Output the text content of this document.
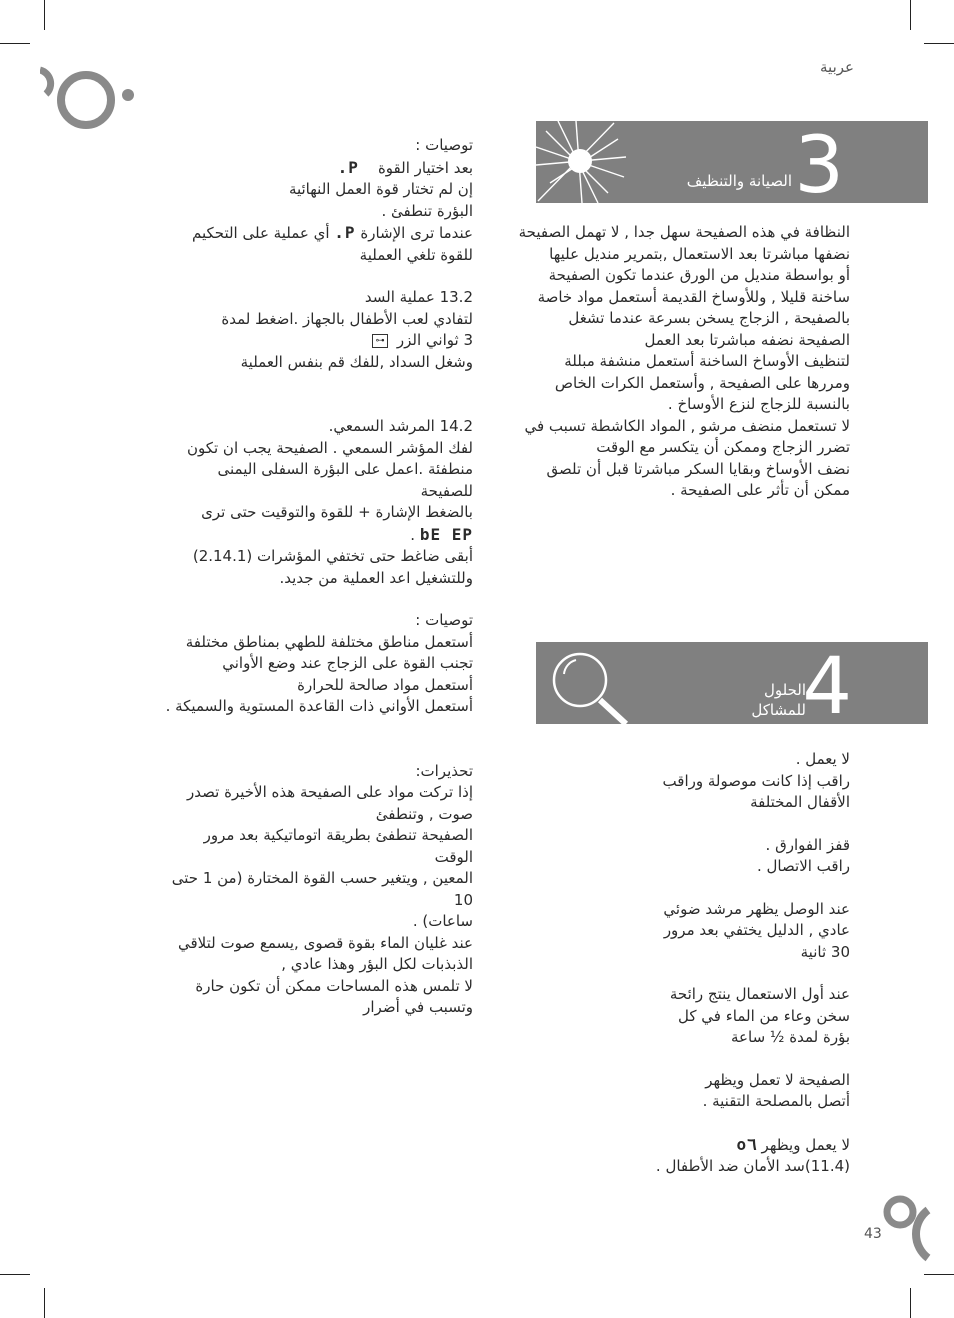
عربية
الصيانة والتنظيف 3

النظافة في هذه الصفيحة سهل جدا , لا تهمل الصفيحة

نضفها مباشرتا بعد الاستعمال ,بتمرير منديل عليها

أو بواسطة منديل من الورق عندما تكون الصفيحة

ساخنة قليلا , وللأوساخ القديمة أستعمل مواد خاصة

بالصفيحة , الزجاج يسخن بسرعة عندما تشغل

الصفيحة نضفه مباشرتا بعد العمل

لتنظيف الأوساخ الساخنة أستعمل منشفة مبللة

ومررها على الصفيحة , وأستعمل الكرات الخاص

بالنسبة للزجاج لنزع الأوساخ .

لا تستعمل منضف مرشو , المواد الكاشطة تسبب في

تضرر الزجاج وممكن أن يتكسر مع الوقت

نضف الأوساخ وبقايا السكر مباشرتا قبل أن تلصق

ممكن أن تأثر على الصفيحة .

الحلول
للمشاكل
4

لا يعمل .

راقب إذا كانت موصولة وراقب

الأقفال المختلفة

قفز الفوارق .

راقب الاتصال .

عند الوصل يظهر مرشد ضوئي

عادي , الدليل يختفي بعد مرور

30 ثانية

عند أول الاستعمال ينتج رائحة

سخن وعاء من الماء في كل

بؤرة لمدة ½ ساعة

الصفيحة لا تعمل ويظهر

أتصل بالمصلحة التقنية .

لا يعمل ويظهر o٦

(11.4)سد الأمان ضد الأطفال .

توصيات :

بعد اختيار القوة    P.

إن لم تختار قوة العمل النهائية

البؤرة تنطفئ .

عندما ترى الإشارة P. أي عملية على التحكيم

للقوة تلغي العملية

13.2 عملية السد

لتفادي لعب الأطفال بالجهاز .اضغط لمدة

3 ثواني الزر ⊶

وشغل السداد ,للفك قم بنفس العملية

14.2 المرشد السمعي.

لفك المؤشر السمعي . الصفيحة يجب ان تكون

منطفئة .اعمل على البؤرة السفلى اليمنى للصفيحة

بالضغط الإشارة + للقوة والتوقيت حتى ترى

bE EP .

أبقى ضاغط حتى تختفي المؤشرات (2.14.1)

وللتشغيل اعد العملية من جديد.

توصيات :

أستعمل مناطق مختلفة للطهي بمناطق مختلفة

تجنب القوة على الزجاج عند وضع الأواني

أستعمل مواد صالحة للحرارة

أستعمل الأواني ذات القاعدة المستوية والسميكة .

تحذيرات:

إذا تركت مواد على الصفيحة هذه الأخيرة تصدر

صوت , وتنطفئ

الصفيحة تنطفئ بطريقة اتوماتيكية بعد مرور الوقت

المعين , ويتغير حسب القوة المختارة (من 1 حتى 10

ساعات) .

عند غليان الماء بقوة قصوى ,يسمع صوت لتلاقي

الذبذبات لكل البؤر وهذا عادي ,

لا تلمس هذه المساحات ممكن أن تكون حارة

وتسبب في أضرار

43
